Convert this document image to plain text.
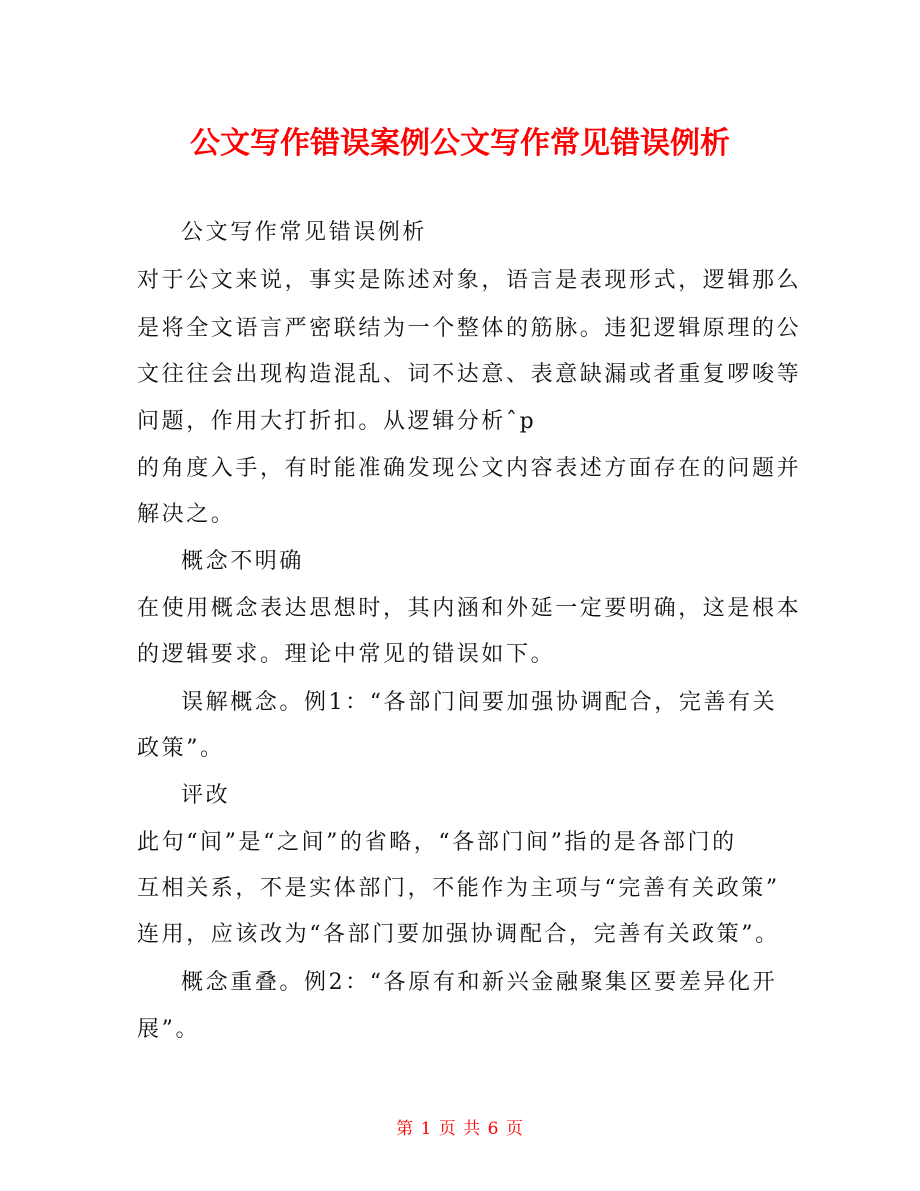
公文写作错误案例公文写作常见错误例析
公文写作常见错误例析
对于公文来说，事实是陈述对象，语言是表现形式，逻辑那么
是将全文语言严密联结为一个整体的筋脉。违犯逻辑原理的公
文往往会出现构造混乱、词不达意、表意缺漏或者重复啰唆等
问题，作用大打折扣。从逻辑分析ˆp
的角度入手，有时能准确发现公文内容表述方面存在的问题并
解决之。
概念不明确
在使用概念表达思想时，其内涵和外延一定要明确，这是根本
的逻辑要求。理论中常见的错误如下。
误解概念。例1：“各部门间要加强协调配合，完善有关
政策”。
评改
此句“间”是“之间”的省略，“各部门间”指的是各部门的
互相关系，不是实体部门，不能作为主项与“完善有关政策”
连用，应该改为“各部门要加强协调配合，完善有关政策”。
概念重叠。例2：“各原有和新兴金融聚集区要差异化开
展”。
第 1 页 共 6 页
